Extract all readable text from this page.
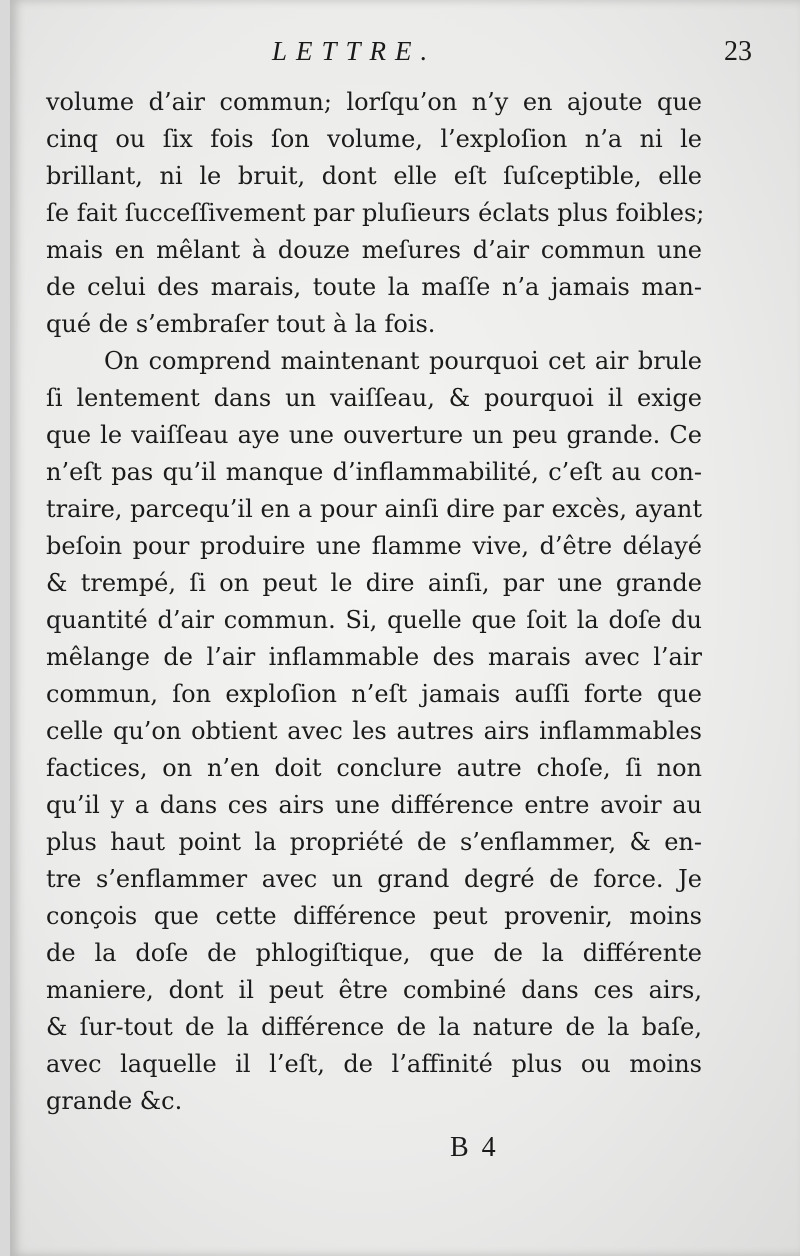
LETTRE.	23
volume d’air commun; lorſqu’on n’y en ajoute que
cinq ou ſix fois ſon volume, l’exploſion n’a ni le
brillant, ni le bruit, dont elle eſt ſuſceptible, elle
ſe fait ſucceſſivement par pluſieurs éclats plus foibles;
mais en mêlant à douze meſures d’air commun une
de celui des marais, toute la maſſe n’a jamais man-
qué de s’embraſer tout à la fois.
On comprend maintenant pourquoi cet air brule
ſi lentement dans un vaiſſeau, & pourquoi il exige
que le vaiſſeau aye une ouverture un peu grande. Ce
n’eſt pas qu’il manque d’inflammabilité, c’eſt au con-
traire, parcequ’il en a pour ainſi dire par excès, ayant
beſoin pour produire une flamme vive, d’être délayé
& trempé, ſi on peut le dire ainſi, par une grande
quantité d’air commun. Si, quelle que ſoit la doſe du
mêlange de l’air inflammable des marais avec l’air
commun, ſon exploſion n’eſt jamais auſſi forte que
celle qu’on obtient avec les autres airs inflammables
factices, on n’en doit conclure autre choſe, ſi non
qu’il y a dans ces airs une différence entre avoir au
plus haut point la propriété de s’enflammer, & en-
tre s’enflammer avec un grand degré de force. Je
conçois que cette différence peut provenir, moins
de la doſe de phlogiſtique, que de la différente
maniere, dont il peut être combiné dans ces airs,
& ſur-tout de la différence de la nature de la baſe,
avec laquelle il l’eſt, de l’affinité plus ou moins
grande &c.
B 4
